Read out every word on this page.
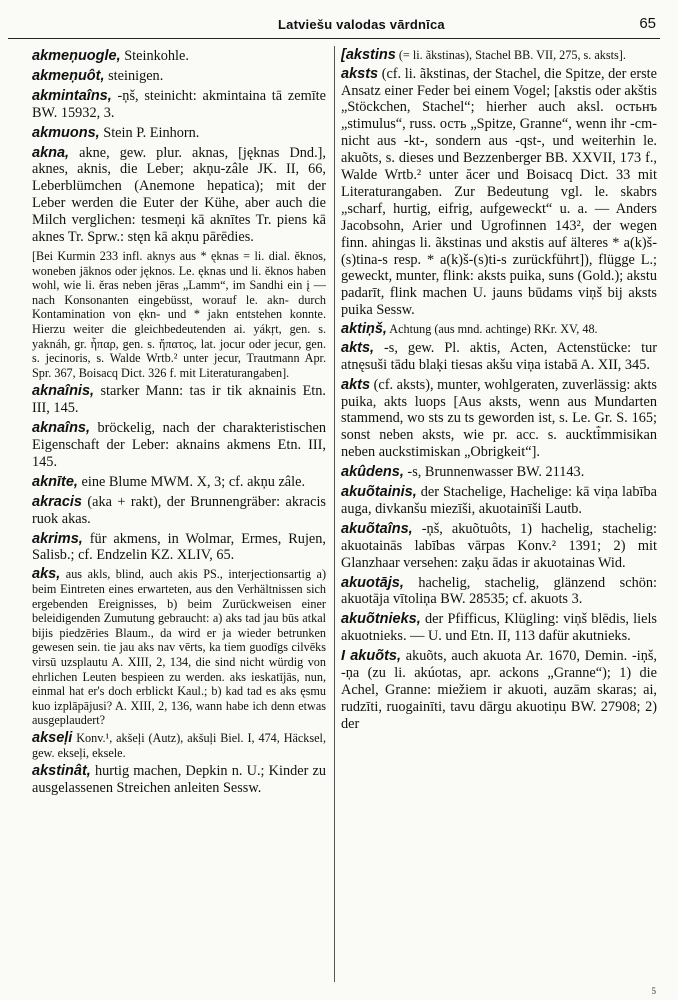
Latviešu valodas vārdnīca	65

akmeņuogle, Steinkohle.

akmeņuôt, steinigen.

akmintaîns, -ņš, steinicht: akmintaina tā zemīte BW. 15932, 3.

akmuons, Stein P. Einhorn.

akna, akne, gew. plur. aknas, [jęknas Dnd.], aknes, aknis, die Leber; akņu-zâle JK. II, 66, Leberblümchen (Anemone hepatica); mit der Leber werden die Euter der Kühe, aber auch die Milch verglichen: tesmeņi kā aknītes Tr. piens kā aknes Tr. Sprw.: stęn kā akņu pārēdies.

[Bei Kurmin 233 infl. aknys aus * ęknas = li. dial. ěknos, woneben jāknos oder jęknos. Le. ęknas und li. ěknos haben wohl, wie li. ěras neben jēras „Lamm“, im Sandhi ein į — nach Konsonanten eingebüsst, worauf le. akn- durch Kontamination von ękn- und * jakn entstehen konnte. Hierzu weiter die gleichbedeutenden ai. yákŗt, gen. s. yaknáh, gr. ἧπαρ, gen. s. ἥπατος, lat. jocur oder jecur, gen. s. jecinoris, s. Walde Wrtb.² unter jecur, Trautmann Apr. Spr. 367, Boisacq Dict. 326 f. mit Literaturangaben].

aknaînis, starker Mann: tas ir tik aknainis Etn. III, 145.

aknaîns, bröckelig, nach der charakteristischen Eigenschaft der Leber: aknains akmens Etn. III, 145.

aknīte, eine Blume MWM. X, 3; cf. akņu zâle.

akracis (aka + rakt), der Brunnengräber: akracis ruok akas.

akrims, für akmens, in Wolmar, Ermes, Rujen, Salisb.; cf. Endzelin KZ. XLIV, 65.

aks, aus akls, blind, auch akis PS., interjectionsartig a) beim Eintreten eines erwarteten, aus den Verhältnissen sich ergebenden Ereignisses, b) beim Zurückweisen einer beleidigenden Zumutung gebraucht: a) aks tad jau būs atkal bijis piedzēries Blaum., da wird er ja wieder betrunken gewesen sein. tie jau aks nav vērts, ka tiem guodīgs cilvēks virsū uzsplautu A. XIII, 2, 134, die sind nicht würdig von ehrlichen Leuten bespieen zu werden. aks ieskatījās, nun, einmal hat er's doch erblickt Kaul.; b) kad tad es aks ęsmu kuo izplāpājusi? A. XIII, 2, 136, wann habe ich denn etwas ausgeplaudert?

akseļi Konv.¹, akšeļi (Autz), akšuļi Biel. I, 474, Häcksel, gew. ekseļi, eksele.

akstinât, hurtig machen, Depkin n. U.; Kinder zu ausgelassenen Streichen anleiten Sessw.

[akstins (= li. ãkstinas), Stachel BB. VII, 275, s. aksts].

aksts (cf. li. ãkstinas, der Stachel, die Spitze, der erste Ansatz einer Feder bei einem Vogel; [akstis oder akštis „Stöckchen, Stachel“; hierher auch aksl. остьнъ „stimulus“, russ. ость „Spitze, Granne“, wenn ihr -cm- nicht aus -kt-, sondern aus -qst-, und weiterhin le. akuõts, s. dieses und Bezzenberger BB. XXVII, 173 f., Walde Wrtb.² unter ăcer und Boisacq Dict. 33 mit Literaturangaben. Zur Bedeutung vgl. le. skabrs „scharf, hurtig, eifrig, aufgeweckt“ u. a. — Anders Jacobsohn, Arier und Ugrofinnen 143², der wegen finn. ahingas li. ãkstinas und akstis auf älteres * a(k)š-(s)tina-s resp. * a(k)š-(s)ti-s zurückführt]), flügge L.; geweckt, munter, flink: aksts puika, suns (Gold.); akstu padarīt, flink machen U. jauns būdams viņš bij aksts puika Sessw.

aktiņš, Achtung (aus mnd. achtinge) RKr. XV, 48.

akts, -s, gew. Pl. aktis, Acten, Actenstücke: tur atnęsuši tādu blaķi tiesas akšu viņa istabā A. XII, 345.

akts (cf. aksts), munter, wohlgeraten, zuverlässig: akts puika, akts luops [Aus aksts, wenn aus Mundarten stammend, wo sts zu ts geworden ist, s. Le. Gr. S. 165; sonst neben aksts, wie pr. acc. s. auckti̇̄mmisikan neben auckstimiskan „Obrigkeit“].

akûdens, -s, Brunnenwasser BW. 21143.

akuõtainis, der Stachelige, Hachelige: kā viņa labība auga, divkanšu miezīši, akuotainīši Lautb.

akuõtaîns, -ņš, akuõtuôts, 1) hachelig, stachelig: akuotainās labības vārpas Konv.² 1391; 2) mit Glanzhaar versehen: zaķu ādas ir akuotainas Wid.

akuotājs, hachelig, stachelig, glänzend schön: akuotāja vītoliņa BW. 28535; cf. akuots 3.

akuõtnieks, der Pfifficus, Klügling: viņš blēdis, liels akuotnieks. — U. und Etn. II, 113 dafür akutnieks.

I akuõts, akuõts, auch akuota Ar. 1670, Demin. -iņš, -ņa (zu li. akúotas, apr. ackons „Granne“); 1) die Achel, Granne: miežiem ir akuoti, auzām skaras; ai, rudzīti, ruogainīti, tavu dārgu akuotiņu BW. 27908; 2) der

5
